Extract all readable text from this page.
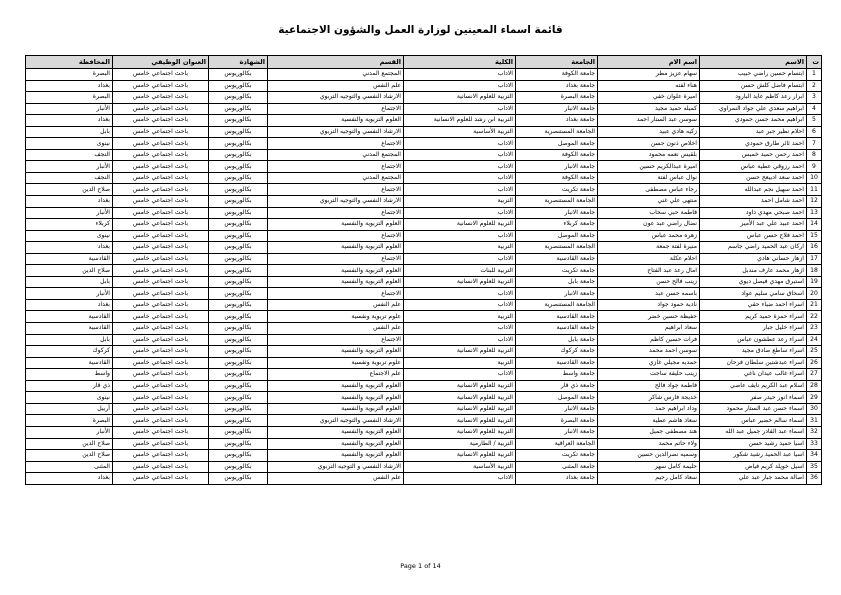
قائمة اسماء المعينين لوزارة العمل والشؤون الاجتماعية
ت	الاسم	اسم الام	الجامعة	الكلية	القسم	الشهادة	العنوان الوظيفي	المحافظة
1	ابتسام حسين راضي حبيب	سهام عزيز مطر	جامعة الكوفة	الاداب	المجتمع المدني	بكالوريوس	باحث اجتماعي خامس	البصرة
2	ابتسام فاضل كلش حسن	هناء لفته	جامعة بغداد	الاداب	علم النفس	بكالوريوس	باحث اجتماعي خامس	بغداد
3	ابرار رعد كاظم عايد البارود	اميرة علوان خفي	جامعة البصرة	التربية للعلوم الانسانية	الارشاد النفسي والتوجيه التربوي	بكالوريوس	باحث اجتماعي خامس	البصرة
4	ابراهيم سعدي علي جواد النمراوي	كميله حميد مجيد	جامعة الانبار	الاداب	الاجتماع	بكالوريوس	باحث اجتماعي خامس	الأنبار
5	ابراهيم محمد حسن حمودي	سوسن عبد الستار احمد	جامعة بغداد	التربية ابن رشد للعلوم الانسانية	العلوم التربوية والنفسية	بكالوريوس	باحث اجتماعي خامس	بغداد
6	احلام نظير جبر عبد	زكيه هادي عبيد	الجامعة المستنصرية	التربية الأساسية	الارشاد النفسي والتوجيه التربوي	بكالوريوس	باحث اجتماعي خامس	بابل
7	احمد ثائر طارق حمودي	اخلاص ذنون حسن	جامعة الموصل	الاداب	الاجتماع	بكالوريوس	باحث اجتماعي خامس	نينوى
8	احمد رحمن حميد خميس	بلقيس نعمه محمود	جامعة الكوفة	الاداب	المجتمع المدني	بكالوريوس	باحث اجتماعي خامس	النجف
9	احمد رزوقي عطية عباس	اميرة عبدالكريم حسين	جامعة الانبار	الاداب	الاجتماع	بكالوريوس	باحث اجتماعي خامس	الأنبار
10	احمد سعد ادبيعج حسن	نوال عباس لفتة	جامعة الكوفة	الاداب	المجتمع المدني	بكالوريوس	باحث اجتماعي خامس	النجف
11	احمد سهيل نجم عبدالله	رجاء عباس مصطفى	جامعة تكريت	الاداب	الاجتماع	بكالوريوس	باحث اجتماعي خامس	صلاح الدين
12	احمد شامل احمد	منتهى علي غني	الجامعة المستنصرية	التربية	الارشاد النفسي والتوجيه التربوي	بكالوريوس	باحث اجتماعي خامس	بغداد
13	احمد صبحي مهدي داود	فاطمة حبي سحاب	جامعة الانبار	الاداب	الاجتماع	بكالوريوس	باحث اجتماعي خامس	الأنبار
14	احمد عبيد علي عبد الأمير	نضال راضي عبد عون	جامعة كربلاء	التربية للعلوم الانسانية	العلوم التربوية والنفسية	بكالوريوس	باحث اجتماعي خامس	كربلاء
15	احمد فلاح حسن عباس	زهره محمد عباس	جامعة الموصل	الاداب	الاجتماع	بكالوريوس	باحث اجتماعي خامس	نينوى
16	اركان عبد الحميد راضي جاسم	منيرة لفتة جمعة	الجامعة المستنصرية	التربية	العلوم التربوية والنفسية	بكالوريوس	باحث اجتماعي خامس	بغداد
17	ازهار حساني هادي	احلام عكلة	جامعة القادسية	الاداب	الاجتماع	بكالوريوس	باحث اجتماعي خامس	القادسية
18	ازهار محمد عارف مندبل	امال رعد عبد الفتاح	جامعة تكريت	التربية للبنات	العلوم التربوية والنفسية	بكالوريوس	باحث اجتماعي خامس	صلاح الدين
19	استبرق مهدي فيصل ديوي	زينب فالح حسن	جامعة بابل	التربية للعلوم الانسانية	العلوم التربوية والنفسية	بكالوريوس	باحث اجتماعي خامس	بابل
20	اسحاق سامي سليم عواد	باسمه حسن عبد	جامعة الانبار	الاداب	الاجتماع	بكالوريوس	باحث اجتماعي خامس	الأنبار
21	اسراء احمد ضياء حقي	نادية حمود جواد	الجامعة المستنصرية	الاداب	علم النفس	بكالوريوس	باحث اجتماعي خامس	بغداد
22	اسراء حمزة حميد كريم	حفيظة حسين خضر	جامعة القادسية	التربية	علوم تربوية ونفسية	بكالوريوس	باحث اجتماعي خامس	القادسية
23	اسراء خليل جبار	سعاد ابراهيم	جامعة القادسية	الاداب	علم النفس	بكالوريوس	باحث اجتماعي خامس	القادسية
24	اسراء رعد عطشون عباس	فرات حسين كاظم	جامعة بابل	الاداب	الاجتماع	بكالوريوس	باحث اجتماعي خامس	بابل
25	اسراء ساطع صادق مجيد	سوسن احمد محمد	جامعة كركوك	التربية للعلوم الانسانية	العلوم التربوية والنفسية	بكالوريوس	باحث اجتماعي خامس	كركوك
26	اسراء عبدشتين سلطان فرحان	حمديه مجيلي غازي	جامعة القادسية	التربية	علوم تربوية ونفسية	بكالوريوس	باحث اجتماعي خامس	القادسية
27	اسراء غالب عيدان ناغي	زينب حليفة ساجت	جامعة واسط	الاداب	علم الاجتماع	بكالوريوس	باحث اجتماعي خامس	واسط
28	اسلام عبد الكريم نايف عاصي	فاطمة جواد فالح	جامعة ذي قار	التربية للعلوم الانسانية	العلوم التربوية والنفسية	بكالوريوس	باحث اجتماعي خامس	ذي قار
29	اسماء انور حيدر صفر	خديجة فارس شاكر	جامعة الموصل	التربية للعلوم الانسانية	العلوم التربوية والنفسية	بكالوريوس	باحث اجتماعي خامس	نينوى
30	اسماء حسن عبد الستار محمود	وداد ابراهيم حمد	جامعة الانبار	التربية للعلوم الانسانية	العلوم التربوية والنفسية	بكالوريوس	باحث اجتماعي خامس	أربيل
31	اسماء سالم خضير عباس	سعاد هاشم عطية	جامعة البصرة	التربية للعلوم الانسانية	الارشاد النفسي والتوجيه التربوي	بكالوريوس	باحث اجتماعي خامس	البصرة
32	اسماء عبد القادر جميل عبد الله	هند مصطفى جميل	جامعة الانبار	التربية للعلوم الانسانية	العلوم التربوية والنفسية	بكالوريوس	باحث اجتماعي خامس	الأنبار
33	اسيا حميد رشيد حسن	ولاء حاتم محمد	الجامعة العراقية	التربية / الطارمية	العلوم التربوية والنفسية	بكالوريوس	باحث اجتماعي خامس	صلاح الدين
34	اسيا عبد الحميد رشيد شكور	وسميه نصرالدين حسين	جامعة تكريت	التربية للعلوم الانسانية	العلوم التربوية والنفسية	بكالوريوس	باحث اجتماعي خامس	صلاح الدين
35	اسيل خويلد كريم فياض	حليمة كامل سهر	جامعة المثنى	التربية الأساسية	الارشاد النفسي و التوجيه التربوي	بكالوريوس	باحث اجتماعي خامس	المثنى
36	اصالة محمد جبار عبد علي	سعاد كامل رحيم	جامعة بغداد	الاداب	علم النفس	بكالوريوس	باحث اجتماعي خامس	بغداد
Page 1 of 14
